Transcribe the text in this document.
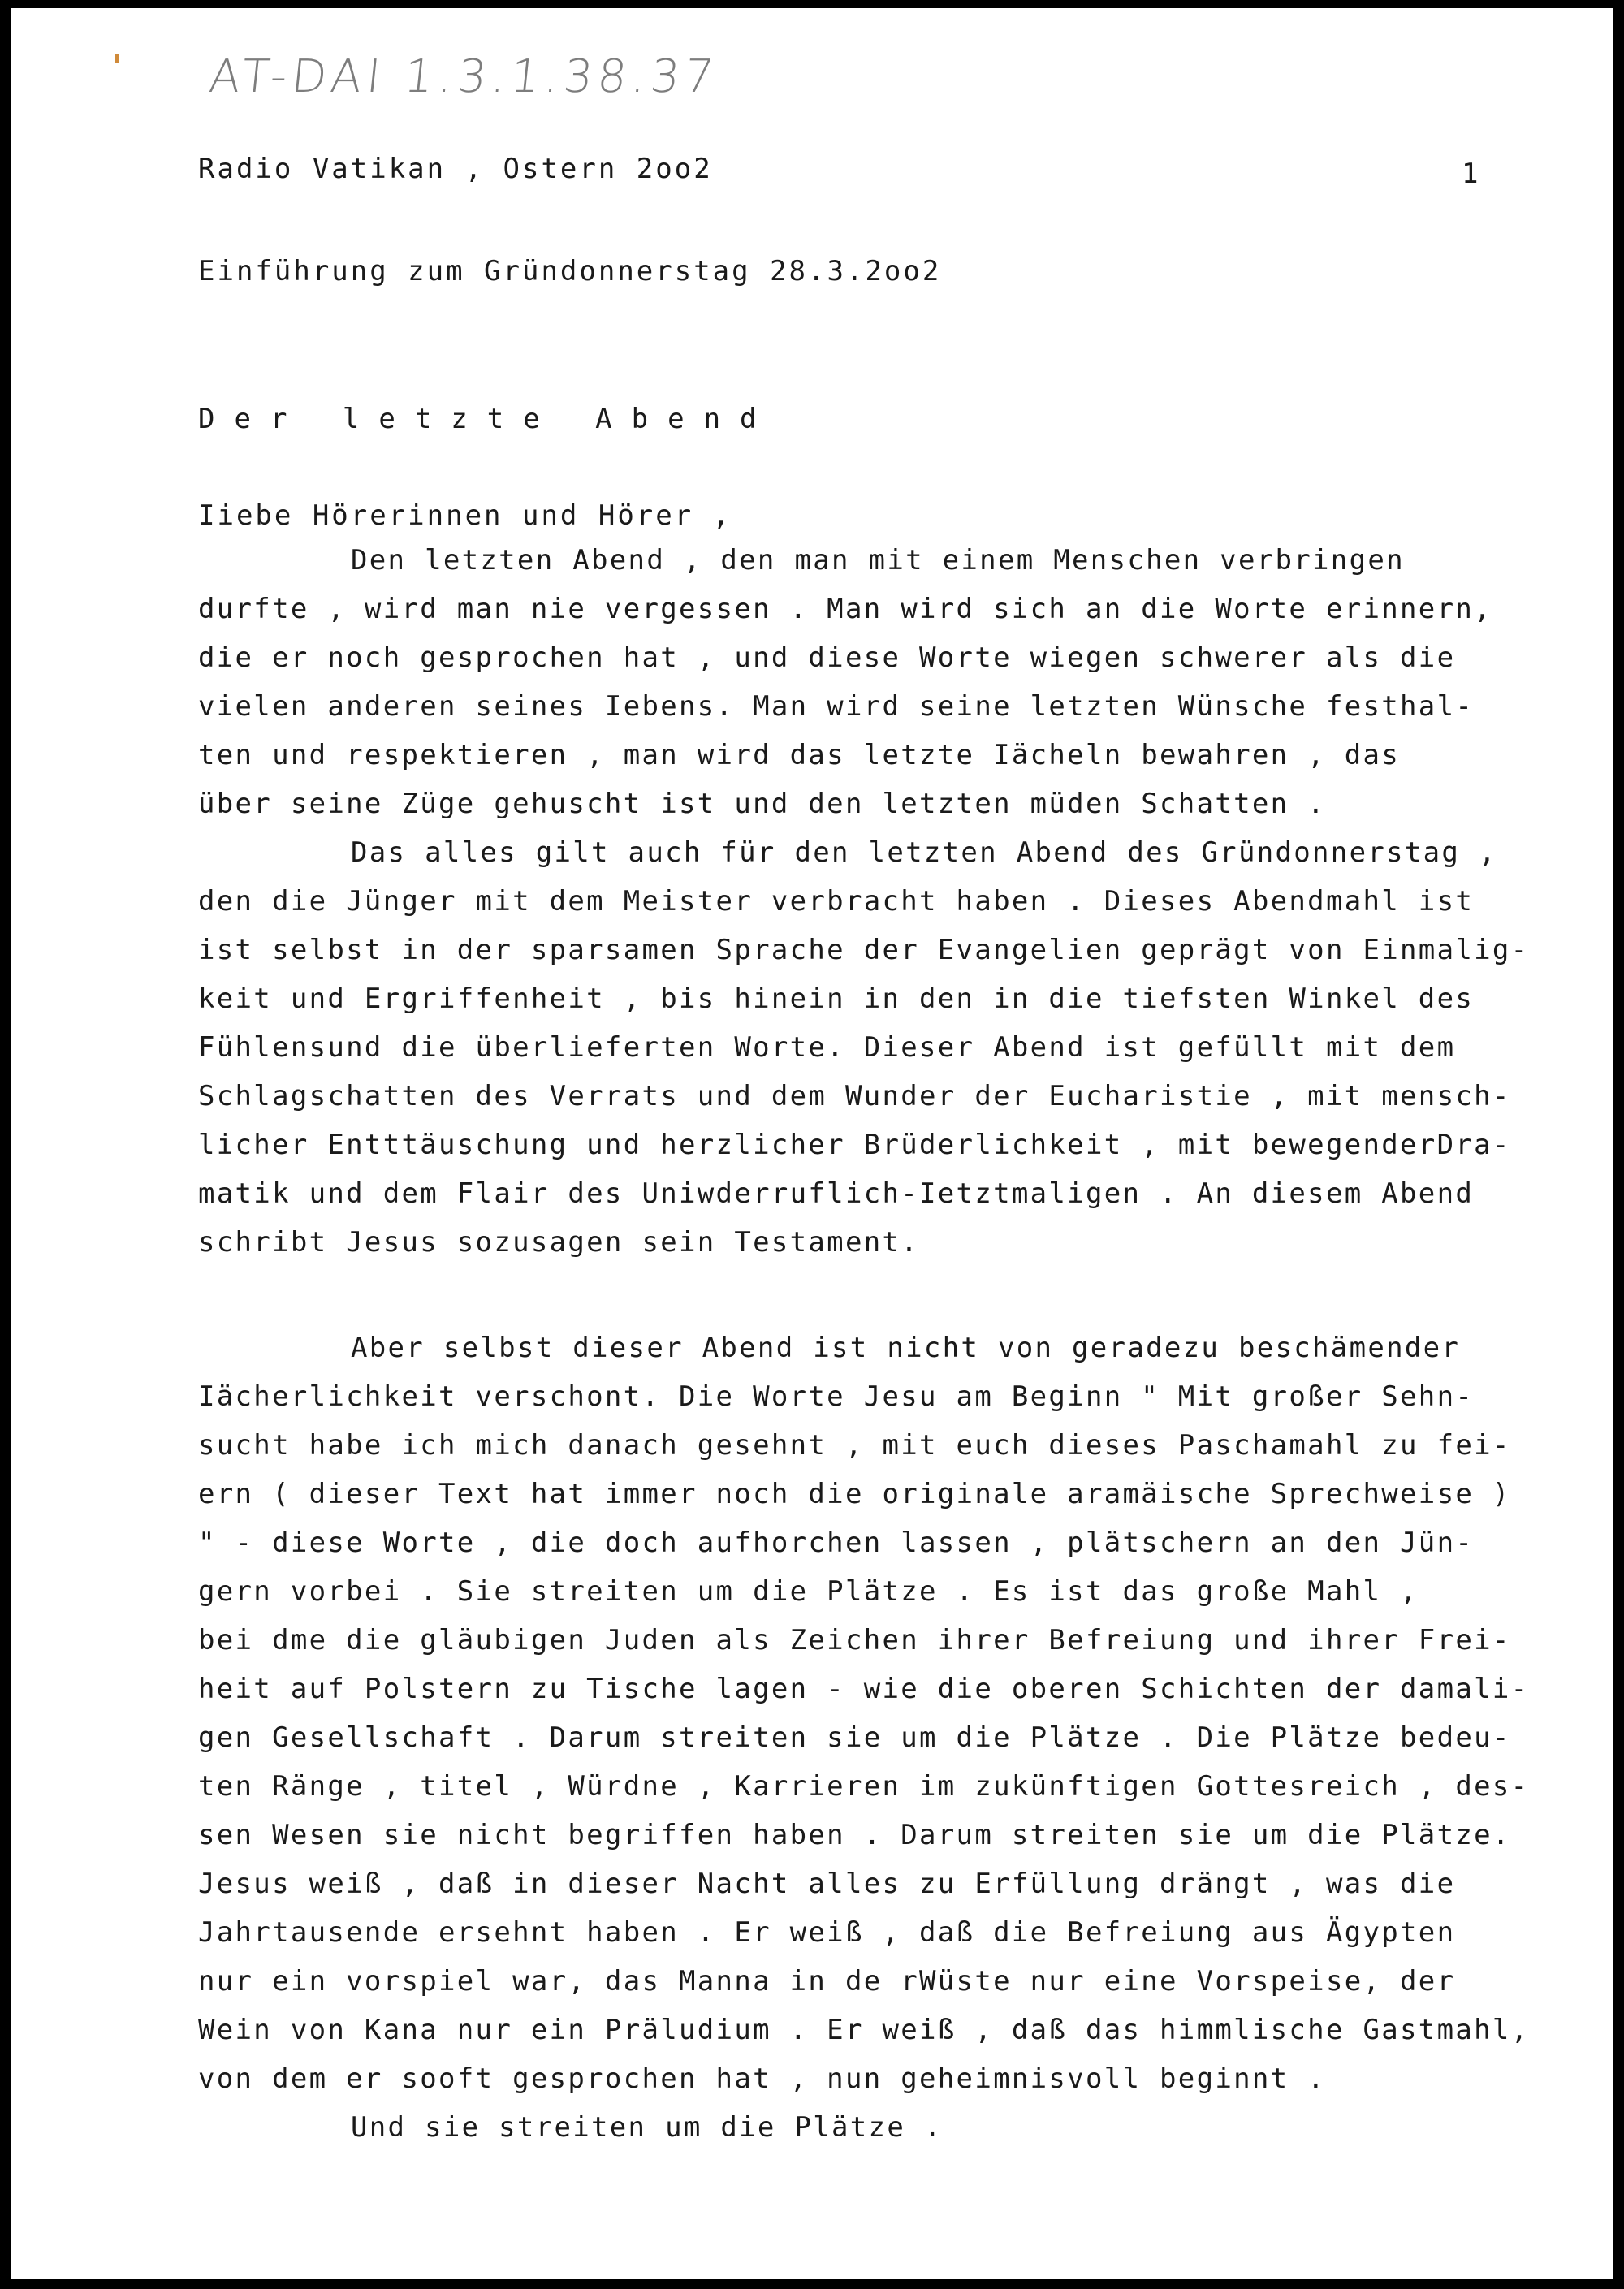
AT-DAI 1.3.1.38.37
Radio Vatikan , Ostern 2oo2	1
Einführung zum Gründonnerstag 28.3.2oo2
Der letzte Abend
Iiebe Hörerinnen und Hörer ,
Den letzten Abend , den man mit einem Menschen verbringen
durfte , wird man nie vergessen . Man wird sich an die Worte erinnern,
die er noch gesprochen hat , und diese Worte wiegen schwerer als die
vielen anderen seines Iebens. Man wird seine letzten Wünsche festhal-
ten und respektieren , man wird das letzte Iächeln bewahren , das
über seine Züge gehuscht ist und den letzten müden Schatten .
Das alles gilt auch für den letzten Abend des Gründonnerstag ,
den die Jünger mit dem Meister verbracht haben . Dieses Abendmahl ist
ist selbst in der sparsamen Sprache der Evangelien geprägt von Einmalig-
keit und Ergriffenheit , bis hinein in den in die tiefsten Winkel des
Fühlensund die überlieferten Worte. Dieser Abend ist gefüllt mit dem
Schlagschatten des Verrats und dem Wunder der Eucharistie , mit mensch-
licher Entttäuschung und herzlicher Brüderlichkeit , mit bewegenderDra-
matik und dem Flair des Uniwderruflich-Ietztmaligen . An diesem Abend
schribt Jesus sozusagen sein Testament.
Aber selbst dieser Abend ist nicht von geradezu beschämender
Iächerlichkeit verschont. Die Worte Jesu am Beginn " Mit großer Sehn-
sucht habe ich mich danach gesehnt , mit euch dieses Paschamahl zu fei-
ern ( dieser Text hat immer noch die originale aramäische Sprechweise )
" - diese Worte , die doch aufhorchen lassen , plätschern an den Jün-
gern vorbei . Sie streiten um die Plätze . Es ist das große Mahl ,
bei dme die gläubigen Juden als Zeichen ihrer Befreiung und ihrer Frei-
heit auf Polstern zu Tische lagen - wie die oberen Schichten der damali-
gen Gesellschaft . Darum streiten sie um die Plätze . Die Plätze bedeu-
ten Ränge , titel , Würdne , Karrieren im zukünftigen Gottesreich , des-
sen Wesen sie nicht begriffen haben . Darum streiten sie um die Plätze.
Jesus weiß , daß in dieser Nacht alles zu Erfüllung drängt , was die
Jahrtausende ersehnt haben . Er weiß , daß die Befreiung aus Ägypten
nur ein vorspiel war, das Manna in de rWüste nur eine Vorspeise, der
Wein von Kana nur ein Präludium . Er weiß , daß das himmlische Gastmahl,
von dem er sooft gesprochen hat , nun geheimnisvoll beginnt .
Und sie streiten um die Plätze .
